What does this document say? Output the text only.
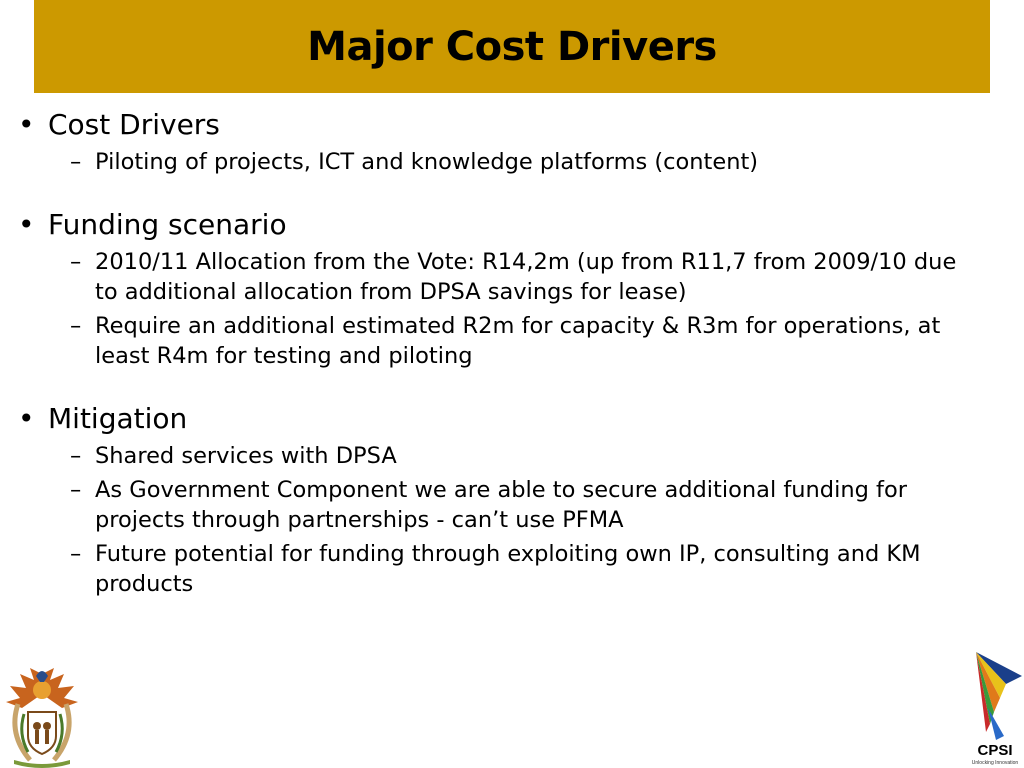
Major Cost Drivers
• Cost Drivers
– Piloting of projects, ICT and knowledge platforms (content)
• Funding scenario
– 2010/11 Allocation from the Vote: R14,2m (up from R11,7 from 2009/10 due to additional allocation from DPSA savings for lease)
– Require an additional estimated R2m for capacity & R3m for operations, at least R4m for testing and piloting
• Mitigation
– Shared services with DPSA
– As Government Component we are able to secure additional funding for projects through partnerships - can’t use PFMA
– Future potential for funding through exploiting own IP, consulting and KM products
CPSI
Unlocking Innovation
